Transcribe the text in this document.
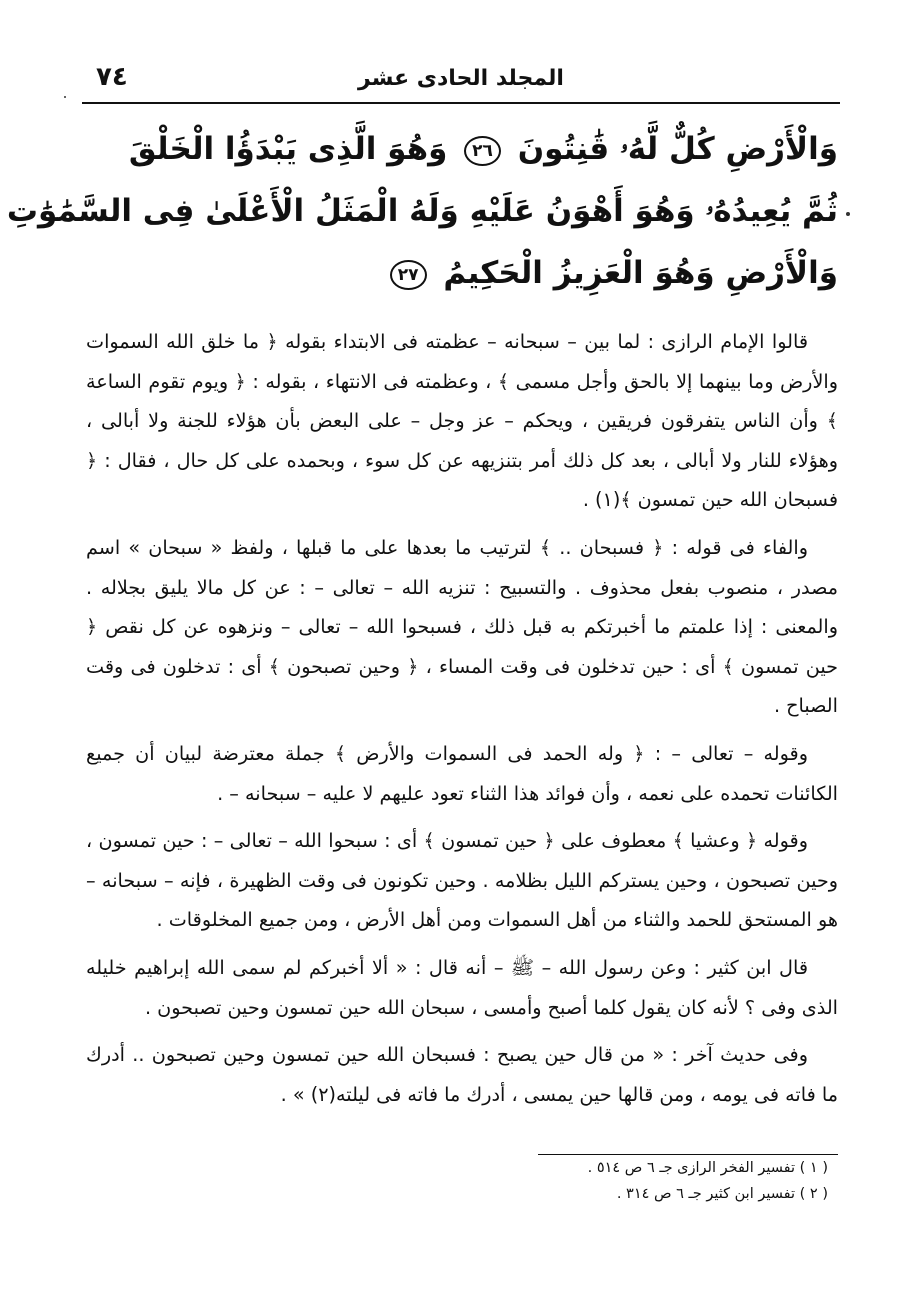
٧٤	المجلد الحادى عشر
وَالْأَرْضِ كُلٌّ لَّهُۥ قَٰنِتُونَ ٢٦ وَهُوَ الَّذِى يَبْدَؤُا الْخَلْقَ
ثُمَّ يُعِيدُهُۥ وَهُوَ أَهْوَنُ عَلَيْهِ وَلَهُ الْمَثَلُ الْأَعْلَىٰ فِى السَّمَٰوَٰتِ
وَالْأَرْضِ وَهُوَ الْعَزِيزُ الْحَكِيمُ ٢٧

قالوا الإمام الرازى : لما بين – سبحانه – عظمته فى الابتداء بقوله ﴿ ما خلق الله السموات والأرض وما بينهما إلا بالحق وأجل مسمى ﴾ ، وعظمته فى الانتهاء ، بقوله : ﴿ ويوم تقوم الساعة ﴾ وأن الناس يتفرقون فريقين ، ويحكم – عز وجل – على البعض بأن هؤلاء للجنة ولا أبالى ، وهؤلاء للنار ولا أبالى ، بعد كل ذلك أمر بتنزيهه عن كل سوء ، وبحمده على كل حال ، فقال : ﴿ فسبحان الله حين تمسون ﴾(١) .

والفاء فى قوله : ﴿ فسبحان .. ﴾ لترتيب ما بعدها على ما قبلها ، ولفظ « سبحان » اسم مصدر ، منصوب بفعل محذوف . والتسبيح : تنزيه الله – تعالى – : عن كل مالا يليق بجلاله . والمعنى : إذا علمتم ما أخبرتكم به قبل ذلك ، فسبحوا الله – تعالى – ونزهوه عن كل نقص ﴿ حين تمسون ﴾ أى : حين تدخلون فى وقت المساء ، ﴿ وحين تصبحون ﴾ أى : تدخلون فى وقت الصباح .

وقوله – تعالى – : ﴿ وله الحمد فى السموات والأرض ﴾ جملة معترضة لبيان أن جميع الكائنات تحمده على نعمه ، وأن فوائد هذا الثناء تعود عليهم لا عليه – سبحانه – .

وقوله ﴿ وعشيا ﴾ معطوف على ﴿ حين تمسون ﴾ أى : سبحوا الله – تعالى – : حين تمسون ، وحين تصبحون ، وحين يستركم الليل بظلامه . وحين تكونون فى وقت الظهيرة ، فإنه – سبحانه – هو المستحق للحمد والثناء من أهل السموات ومن أهل الأرض ، ومن جميع المخلوقات .

قال ابن كثير : وعن رسول الله – ﷺ – أنه قال : « ألا أخبركم لم سمى الله إبراهيم خليله الذى وفى ؟ لأنه كان يقول كلما أصبح وأمسى ، سبحان الله حين تمسون وحين تصبحون .

وفى حديث آخر : « من قال حين يصبح : فسبحان الله حين تمسون وحين تصبحون .. أدرك ما فاته فى يومه ، ومن قالها حين يمسى ، أدرك ما فاته فى ليلته(٢) » .

( ١ ) تفسير الفخر الرازى جـ ٦ ص ٥١٤ .
( ٢ ) تفسير ابن كثير جـ ٦ ص ٣١٤ .
